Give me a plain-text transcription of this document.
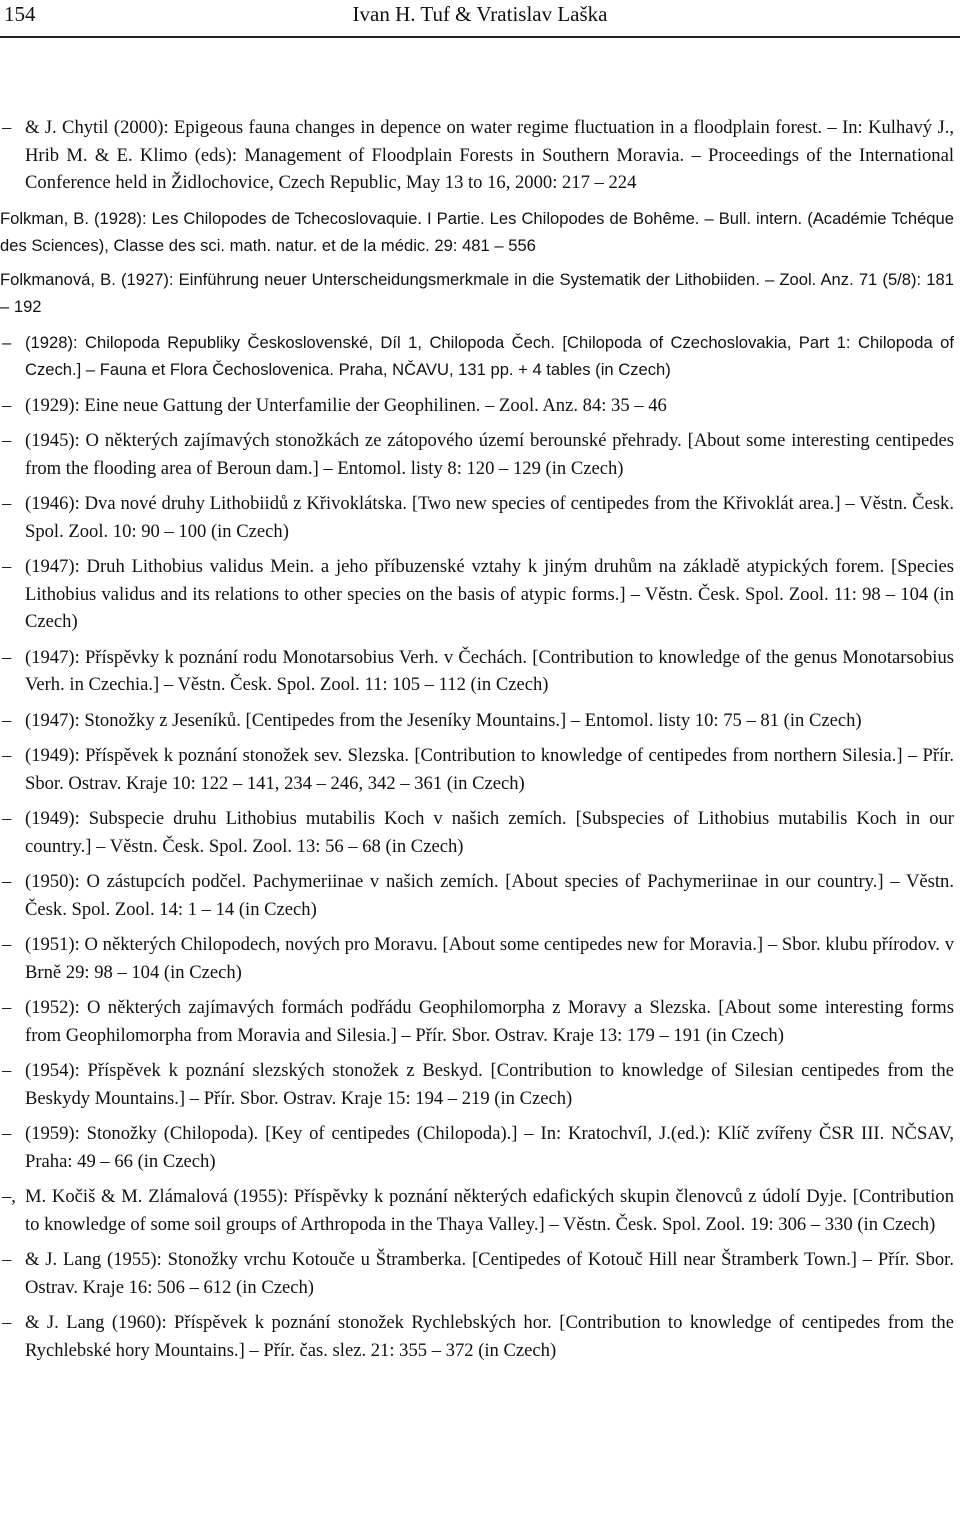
154	Ivan H. Tuf & Vratislav Laška
– & J. Chytil (2000): Epigeous fauna changes in depence on water regime fluctuation in a floodplain forest. – In: Kulhavý J., Hrib M. & E. Klimo (eds): Management of Floodplain Forests in Southern Moravia. – Proceedings of the International Conference held in Židlochovice, Czech Republic, May 13 to 16, 2000: 217 – 224
Folkman, B. (1928): Les Chilopodes de Tchecoslovaquie. I Partie. Les Chilopodes de Bohême. – Bull. intern. (Académie Tchéque des Sciences), Classe des sci. math. natur. et de la médic. 29: 481 – 556
Folkmanová, B. (1927): Einführung neuer Unterscheidungsmerkmale in die Systematik der Lithobiiden. – Zool. Anz. 71 (5/8): 181 – 192
– (1928): Chilopoda Republiky Československé, Díl 1, Chilopoda Čech. [Chilopoda of Czechoslovakia, Part 1: Chilopoda of Czech.] – Fauna et Flora Čechoslovenica. Praha, NČAVU, 131 pp. + 4 tables (in Czech)
– (1929): Eine neue Gattung der Unterfamilie der Geophilinen. – Zool. Anz. 84: 35 – 46
– (1945): O některých zajímavých stonožkách ze zátopového území berounské přehrady. [About some interesting centipedes from the flooding area of Beroun dam.] – Entomol. listy 8: 120 – 129 (in Czech)
– (1946): Dva nové druhy Lithobiidů z Křivoklátska. [Two new species of centipedes from the Křivoklát area.] – Věstn. Česk. Spol. Zool. 10: 90 – 100 (in Czech)
– (1947): Druh Lithobius validus Mein. a jeho příbuzenské vztahy k jiným druhům na základě atypických forem. [Species Lithobius validus and its relations to other species on the basis of atypic forms.] – Věstn. Česk. Spol. Zool. 11: 98 – 104 (in Czech)
– (1947): Příspěvky k poznání rodu Monotarsobius Verh. v Čechách. [Contribution to knowledge of the genus Monotarsobius Verh. in Czechia.] – Věstn. Česk. Spol. Zool. 11: 105 – 112 (in Czech)
– (1947): Stonožky z Jeseníků. [Centipedes from the Jeseníky Mountains.] – Entomol. listy 10: 75 – 81 (in Czech)
– (1949): Příspěvek k poznání stonožek sev. Slezska. [Contribution to knowledge of centipedes from northern Silesia.] – Přír. Sbor. Ostrav. Kraje 10: 122 – 141, 234 – 246, 342 – 361 (in Czech)
– (1949): Subspecie druhu Lithobius mutabilis Koch v našich zemích. [Subspecies of Lithobius mutabilis Koch in our country.] – Věstn. Česk. Spol. Zool. 13: 56 – 68 (in Czech)
– (1950): O zástupcích podčel. Pachymeriinae v našich zemích. [About species of Pachymeriinae in our country.] – Věstn. Česk. Spol. Zool. 14: 1 – 14 (in Czech)
– (1951): O některých Chilopodech, nových pro Moravu. [About some centipedes new for Moravia.] – Sbor. klubu přírodov. v Brně 29: 98 – 104 (in Czech)
– (1952): O některých zajímavých formách podřádu Geophilomorpha z Moravy a Slezska. [About some interesting forms from Geophilomorpha from Moravia and Silesia.] – Přír. Sbor. Ostrav. Kraje 13: 179 – 191 (in Czech)
– (1954): Příspěvek k poznání slezských stonožek z Beskyd. [Contribution to knowledge of Silesian centipedes from the Beskydy Mountains.] – Přír. Sbor. Ostrav. Kraje 15: 194 – 219 (in Czech)
– (1959): Stonožky (Chilopoda). [Key of centipedes (Chilopoda).] – In: Kratochvíl, J.(ed.): Klíč zvířeny ČSR III. NČSAV, Praha: 49 – 66 (in Czech)
–, M. Kočiš & M. Zlámalová (1955): Příspěvky k poznání některých edafických skupin členovců z údolí Dyje. [Contribution to knowledge of some soil groups of Arthropoda in the Thaya Valley.] – Věstn. Česk. Spol. Zool. 19: 306 – 330 (in Czech)
– & J. Lang (1955): Stonožky vrchu Kotouče u Štramberka. [Centipedes of Kotouč Hill near Štramberk Town.] – Přír. Sbor. Ostrav. Kraje 16: 506 – 612 (in Czech)
– & J. Lang (1960): Příspěvek k poznání stonožek Rychlebských hor. [Contribution to knowledge of centipedes from the Rychlebské hory Mountains.] – Přír. čas. slez. 21: 355 – 372 (in Czech)
